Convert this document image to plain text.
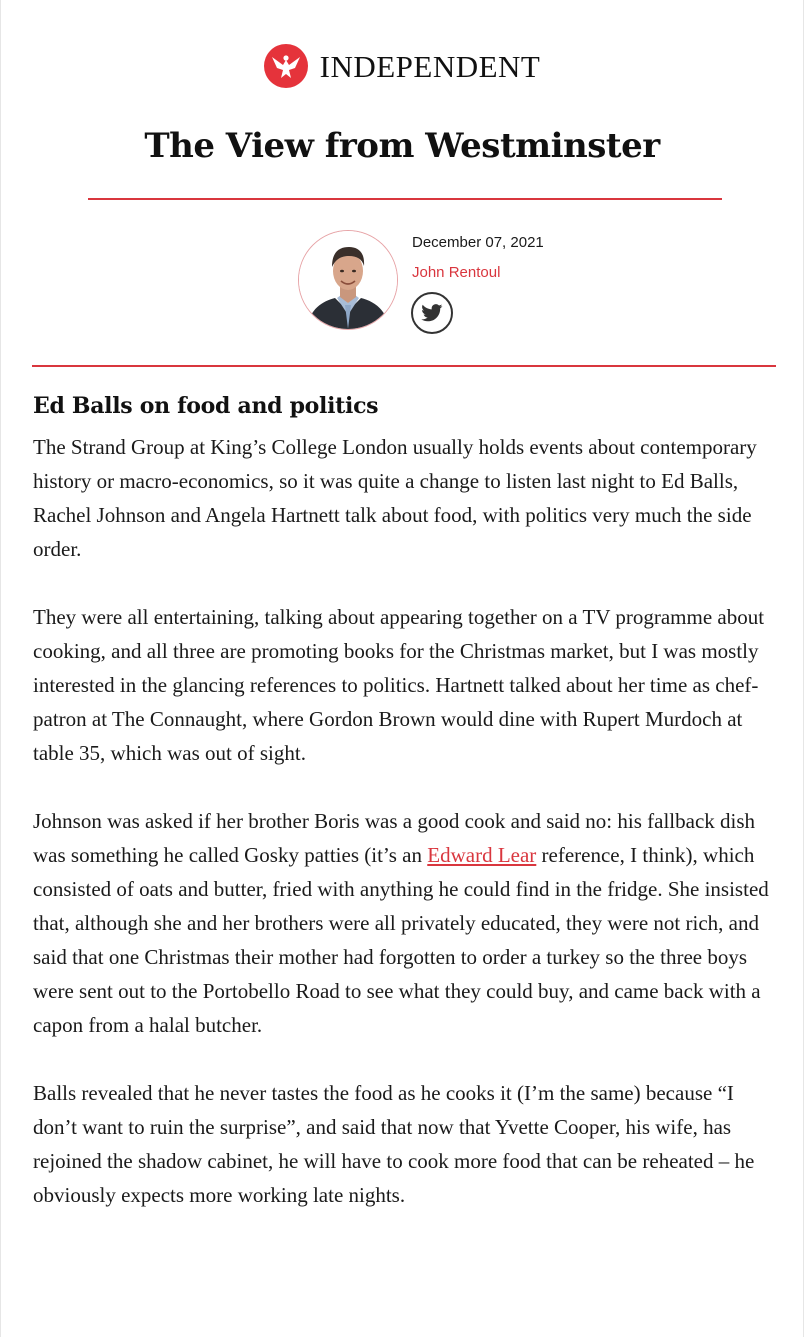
INDEPENDENT
The View from Westminster
December 07, 2021
John Rentoul
Ed Balls on food and politics

The Strand Group at King’s College London usually holds events about contemporary history or macro-economics, so it was quite a change to listen last night to Ed Balls, Rachel Johnson and Angela Hartnett talk about food, with politics very much the side order.

They were all entertaining, talking about appearing together on a TV programme about cooking, and all three are promoting books for the Christmas market, but I was mostly interested in the glancing references to politics. Hartnett talked about her time as chef-patron at The Connaught, where Gordon Brown would dine with Rupert Murdoch at table 35, which was out of sight.

Johnson was asked if her brother Boris was a good cook and said no: his fallback dish was something he called Gosky patties (it’s an Edward Lear reference, I think), which consisted of oats and butter, fried with anything he could find in the fridge. She insisted that, although she and her brothers were all privately educated, they were not rich, and said that one Christmas their mother had forgotten to order a turkey so the three boys were sent out to the Portobello Road to see what they could buy, and came back with a capon from a halal butcher.

Balls revealed that he never tastes the food as he cooks it (I’m the same) because “I don’t want to ruin the surprise”, and said that now that Yvette Cooper, his wife, has rejoined the shadow cabinet, he will have to cook more food that can be reheated – he obviously expects more working late nights.
